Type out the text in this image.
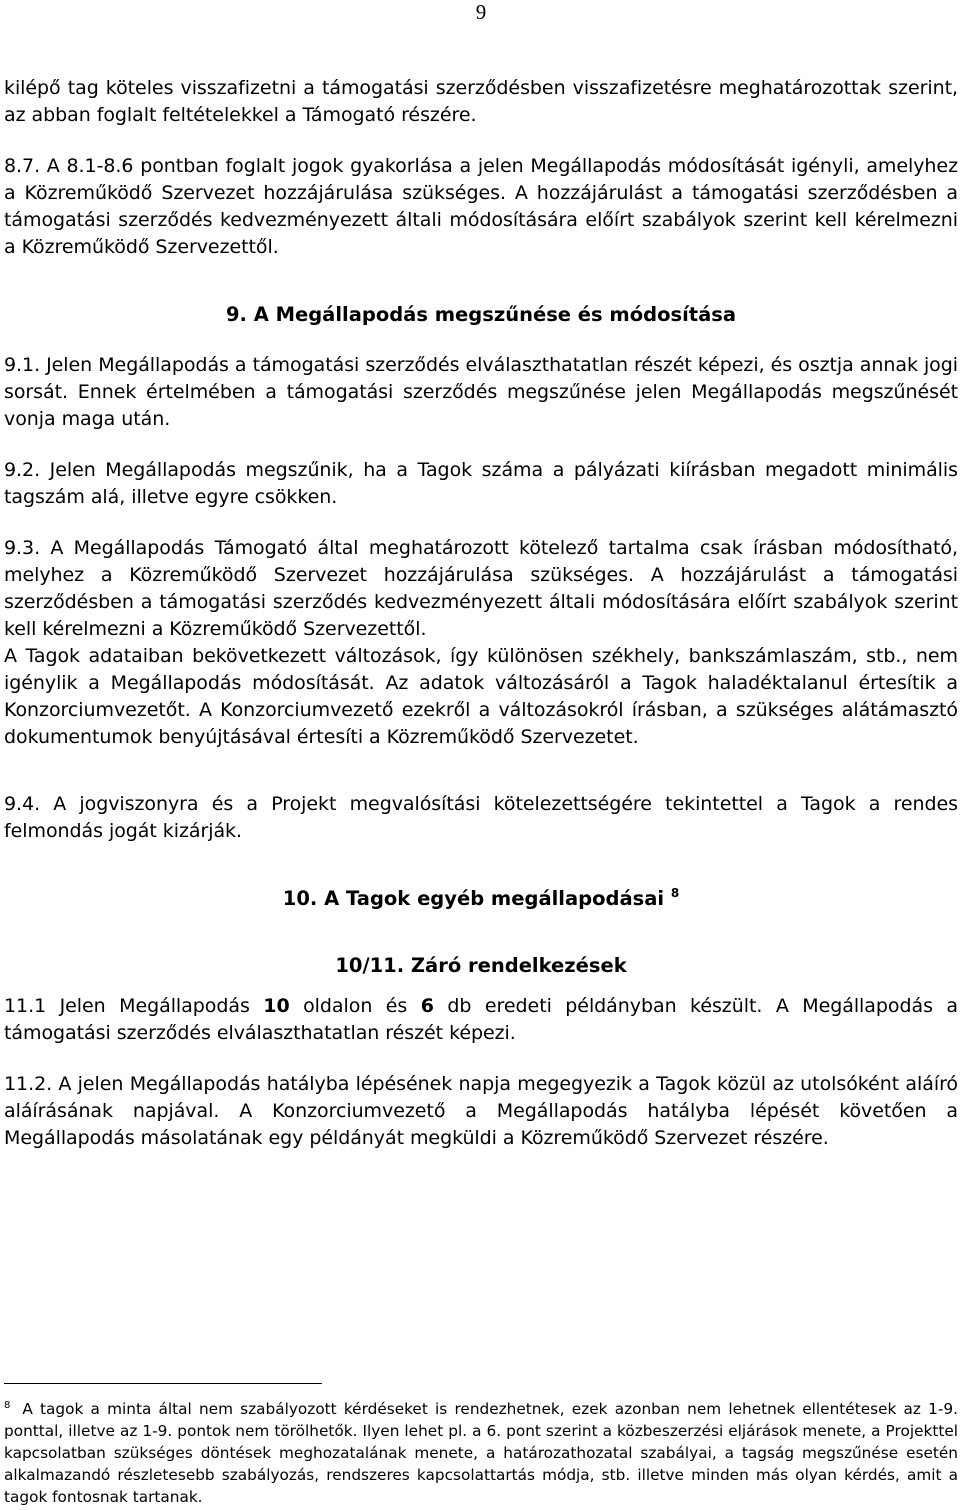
9

kilépő tag köteles visszafizetni a támogatási szerződésben visszafizetésre meghatározottak szerint, az abban foglalt feltételekkel a Támogató részére.

8.7. A 8.1-8.6 pontban foglalt jogok gyakorlása a jelen Megállapodás módosítását igényli, amelyhez a Közreműködő Szervezet hozzájárulása szükséges. A hozzájárulást a támogatási szerződésben a támogatási szerződés kedvezményezett általi módosítására előírt szabályok szerint kell kérelmezni a Közreműködő Szervezettől.

9. A Megállapodás megszűnése és módosítása

9.1. Jelen Megállapodás a támogatási szerződés elválaszthatatlan részét képezi, és osztja annak jogi sorsát. Ennek értelmében a támogatási szerződés megszűnése jelen Megállapodás megszűnését vonja maga után.

9.2. Jelen Megállapodás megszűnik, ha a Tagok száma a pályázati kiírásban megadott minimális tagszám alá, illetve egyre csökken.

9.3. A Megállapodás Támogató által meghatározott kötelező tartalma csak írásban módosítható, melyhez a Közreműködő Szervezet hozzájárulása szükséges. A hozzájárulást a támogatási szerződésben a támogatási szerződés kedvezményezett általi módosítására előírt szabályok szerint kell kérelmezni a Közreműködő Szervezettől.

A Tagok adataiban bekövetkezett változások, így különösen székhely, bankszámlaszám, stb., nem igénylik a Megállapodás módosítását. Az adatok változásáról a Tagok haladéktalanul értesítik a Konzorciumvezetőt. A Konzorciumvezető ezekről a változásokról írásban, a szükséges alátámasztó dokumentumok benyújtásával értesíti a Közreműködő Szervezetet.

9.4. A jogviszonyra és a Projekt megvalósítási kötelezettségére tekintettel a Tagok a rendes felmondás jogát kizárják.

10. A Tagok egyéb megállapodásai $^8$

10/11. Záró rendelkezések

11.1 Jelen Megállapodás 10 oldalon és 6 db eredeti példányban készült. A Megállapodás a támogatási szerződés elválaszthatatlan részét képezi.

11.2. A jelen Megállapodás hatályba lépésének napja megegyezik a Tagok közül az utolsóként aláíró aláírásának napjával. A Konzorciumvezető a Megállapodás hatályba lépését követően a Megállapodás másolatának egy példányát megküldi a Közreműködő Szervezet részére.

$^8$ A tagok a minta által nem szabályozott kérdéseket is rendezhetnek, ezek azonban nem lehetnek ellentétesek az 1-9. ponttal, illetve az 1-9. pontok nem törölhetők. Ilyen lehet pl. a 6. pont szerint a közbeszerzési eljárások menete, a Projekttel kapcsolatban szükséges döntések meghozatalának menete, a határozathozatal szabályai, a tagság megszűnése esetén alkalmazandó részletesebb szabályozás, rendszeres kapcsolattartás módja, stb. illetve minden más olyan kérdés, amit a tagok fontosnak tartanak.
